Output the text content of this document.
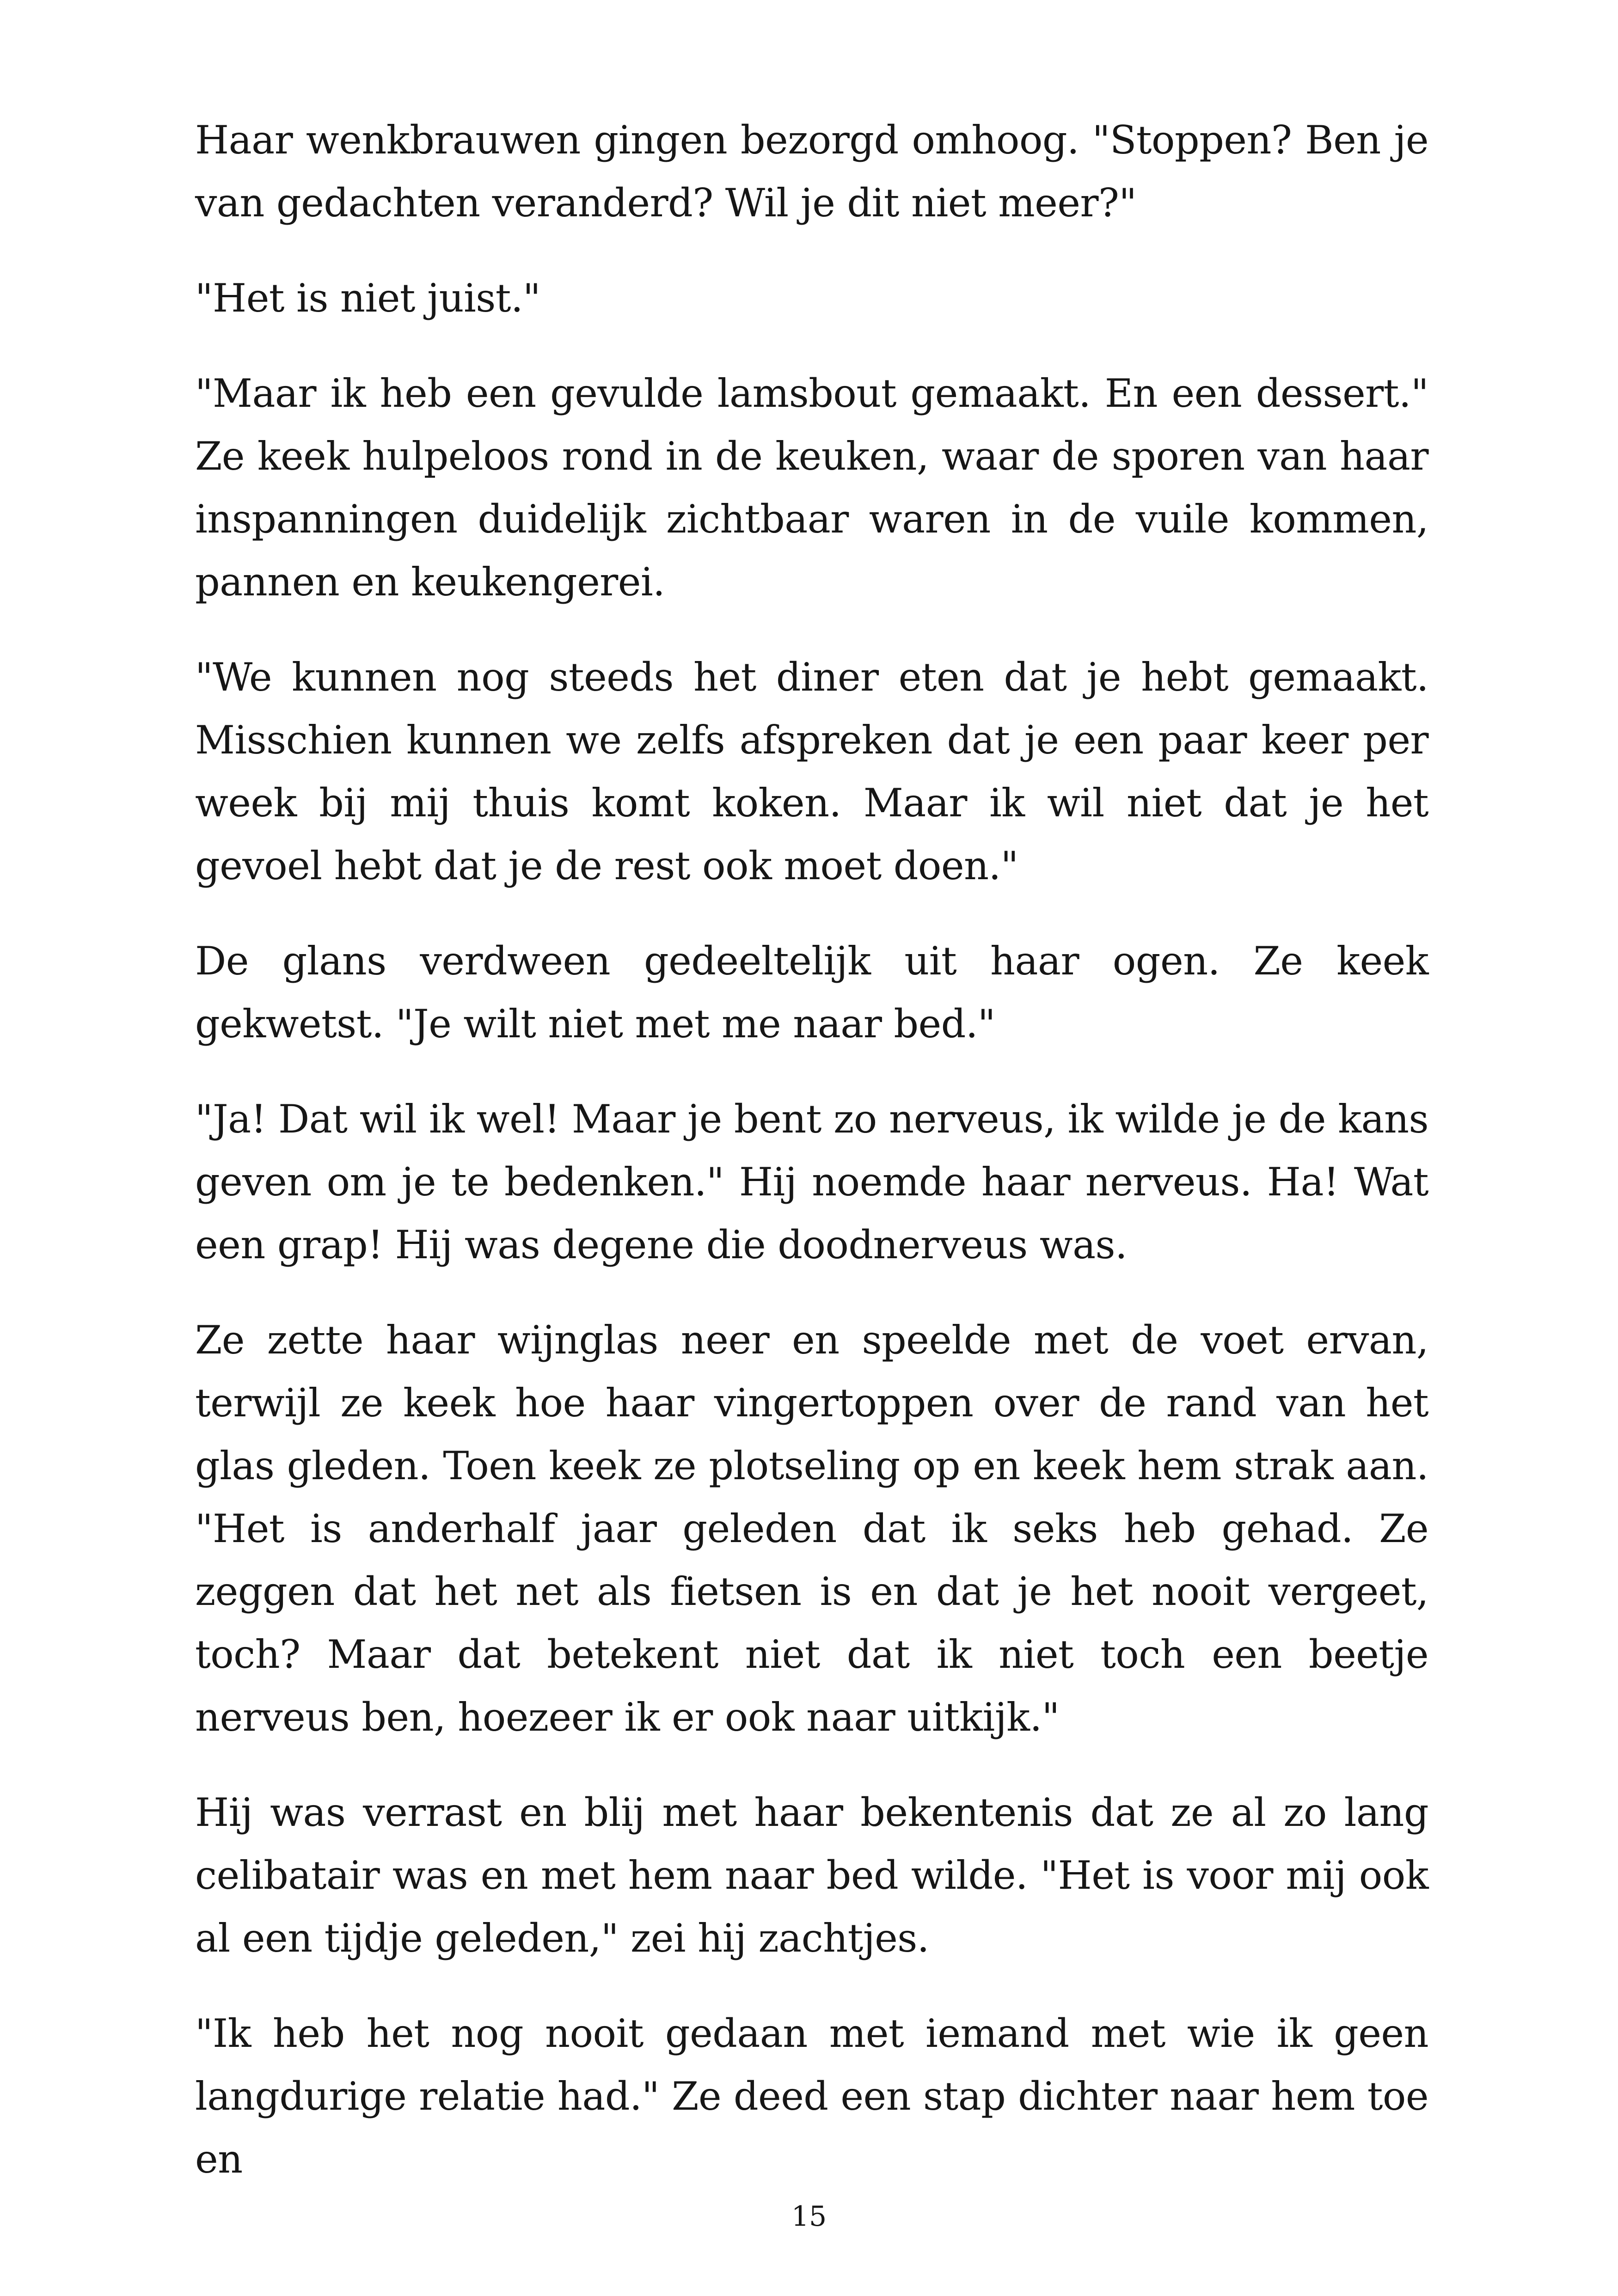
Haar wenkbrauwen gingen bezorgd omhoog. "Stoppen? Ben je van gedachten veranderd? Wil je dit niet meer?"

"Het is niet juist."

"Maar ik heb een gevulde lamsbout gemaakt. En een dessert." Ze keek hulpeloos rond in de keuken, waar de sporen van haar inspanningen duidelijk zichtbaar waren in de vuile kommen, pannen en keukengerei.

"We kunnen nog steeds het diner eten dat je hebt gemaakt. Misschien kunnen we zelfs afspreken dat je een paar keer per week bij mij thuis komt koken. Maar ik wil niet dat je het gevoel hebt dat je de rest ook moet doen."

De glans verdween gedeeltelijk uit haar ogen. Ze keek gekwetst. "Je wilt niet met me naar bed."

"Ja! Dat wil ik wel! Maar je bent zo nerveus, ik wilde je de kans geven om je te bedenken." Hij noemde haar nerveus. Ha! Wat een grap! Hij was degene die doodnerveus was.

Ze zette haar wijnglas neer en speelde met de voet ervan, terwijl ze keek hoe haar vingertoppen over de rand van het glas gleden. Toen keek ze plotseling op en keek hem strak aan. "Het is anderhalf jaar geleden dat ik seks heb gehad. Ze zeggen dat het net als fietsen is en dat je het nooit vergeet, toch? Maar dat betekent niet dat ik niet toch een beetje nerveus ben, hoezeer ik er ook naar uitkijk."

Hij was verrast en blij met haar bekentenis dat ze al zo lang celibatair was en met hem naar bed wilde. "Het is voor mij ook al een tijdje geleden," zei hij zachtjes.

"Ik heb het nog nooit gedaan met iemand met wie ik geen langdurige relatie had." Ze deed een stap dichter naar hem toe en

15
